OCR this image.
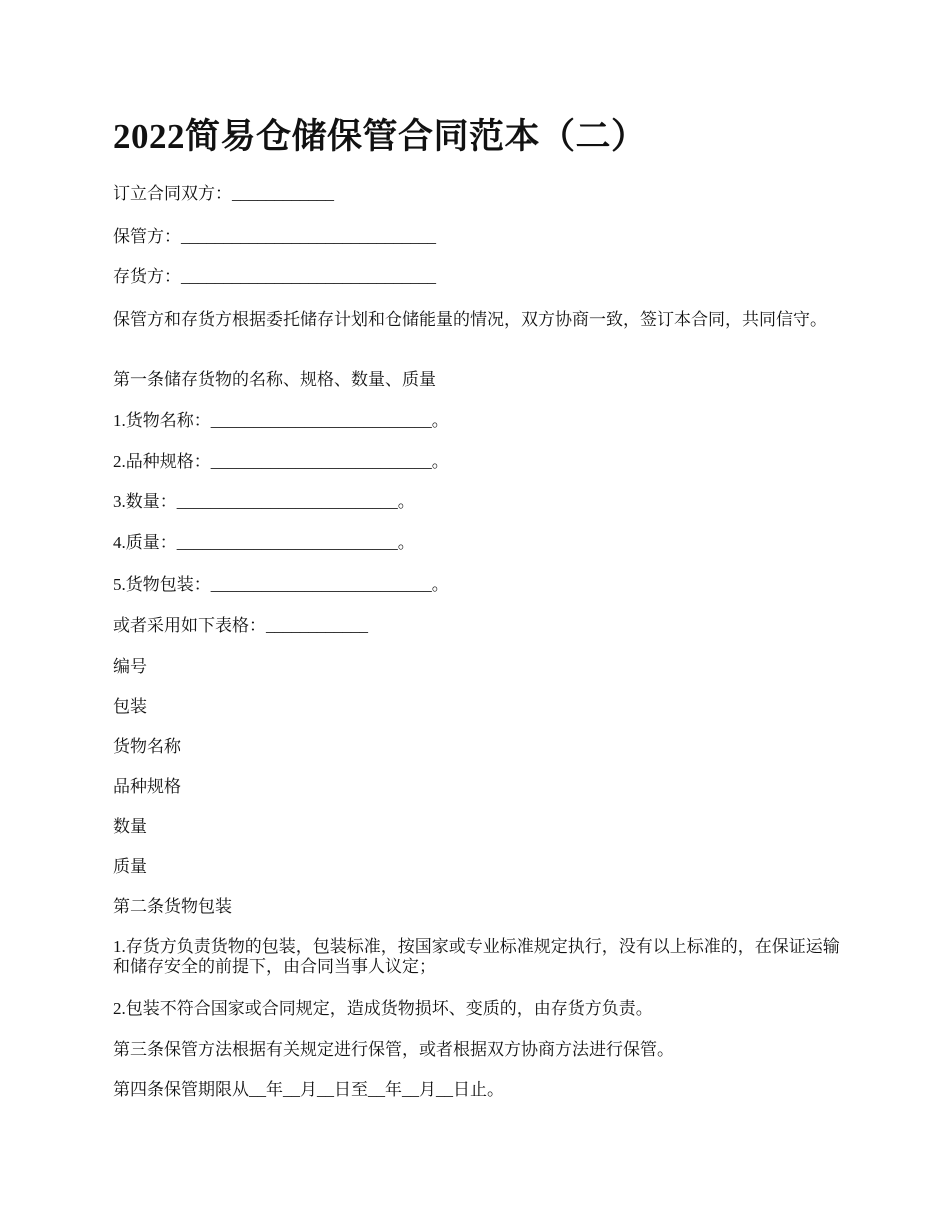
2022简易仓储保管合同范本（二）

订立合同双方：____________

保管方：______________________________

存货方：______________________________

保管方和存货方根据委托储存计划和仓储能量的情况，双方协商一致，签订本合同，共同信守。

第一条储存货物的名称、规格、数量、质量

1.货物名称：__________________________。

2.品种规格：__________________________。

3.数量：__________________________。

4.质量：__________________________。

5.货物包装：__________________________。

或者采用如下表格：____________

编号

包装

货物名称

品种规格

数量

质量

第二条货物包装

1.存货方负责货物的包装，包装标准，按国家或专业标准规定执行，没有以上标准的，在保证运输和储存安全的前提下，由合同当事人议定；

2.包装不符合国家或合同规定，造成货物损坏、变质的，由存货方负责。

第三条保管方法根据有关规定进行保管，或者根据双方协商方法进行保管。

第四条保管期限从__年__月__日至__年__月__日止。
